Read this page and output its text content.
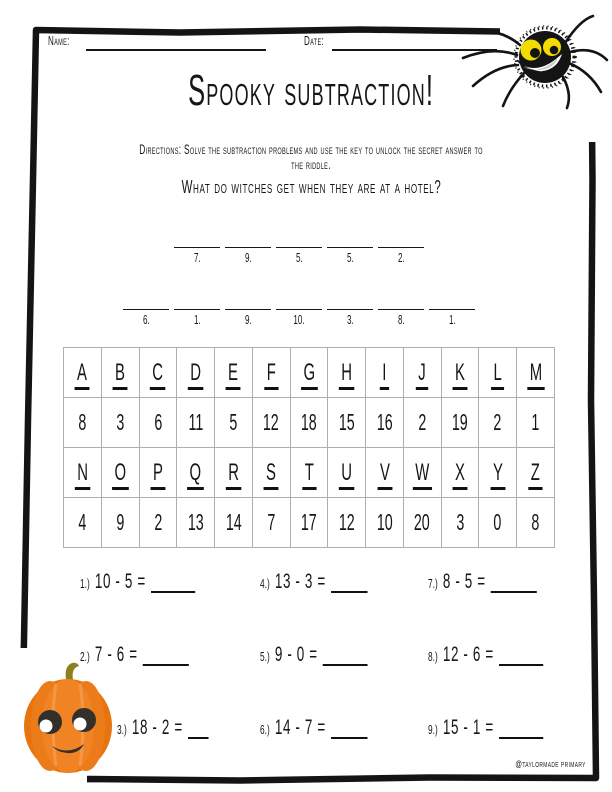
Name:	Date:
Spooky subtraction!
Directions: Solve the subtraction problems and use the key to unlock the secret answer to the riddle.
What do witches get when they are at a hotel?
7.	9.	5.	5.	2.
6.	1.	9.	10.	3.	8.	1.
A	B	C	D	E	F	G	H	I	J	K	L	M
8	3	6	11	5	12	18	15	16	2	19	2	1
N	O	P	Q	R	S	T	U	V	W	X	Y	Z
4	9	2	13	14	7	17	12	10	20	3	0	8
1.) 10 - 5 =	4.) 13 - 3 =	7.) 8 - 5 =
2.) 7 - 6 =	5.) 9 - 0 =	8.) 12 - 6 =
3.) 18 - 2 =	6.) 14 - 7 =	9.) 15 - 1 =
@taylormade primary
